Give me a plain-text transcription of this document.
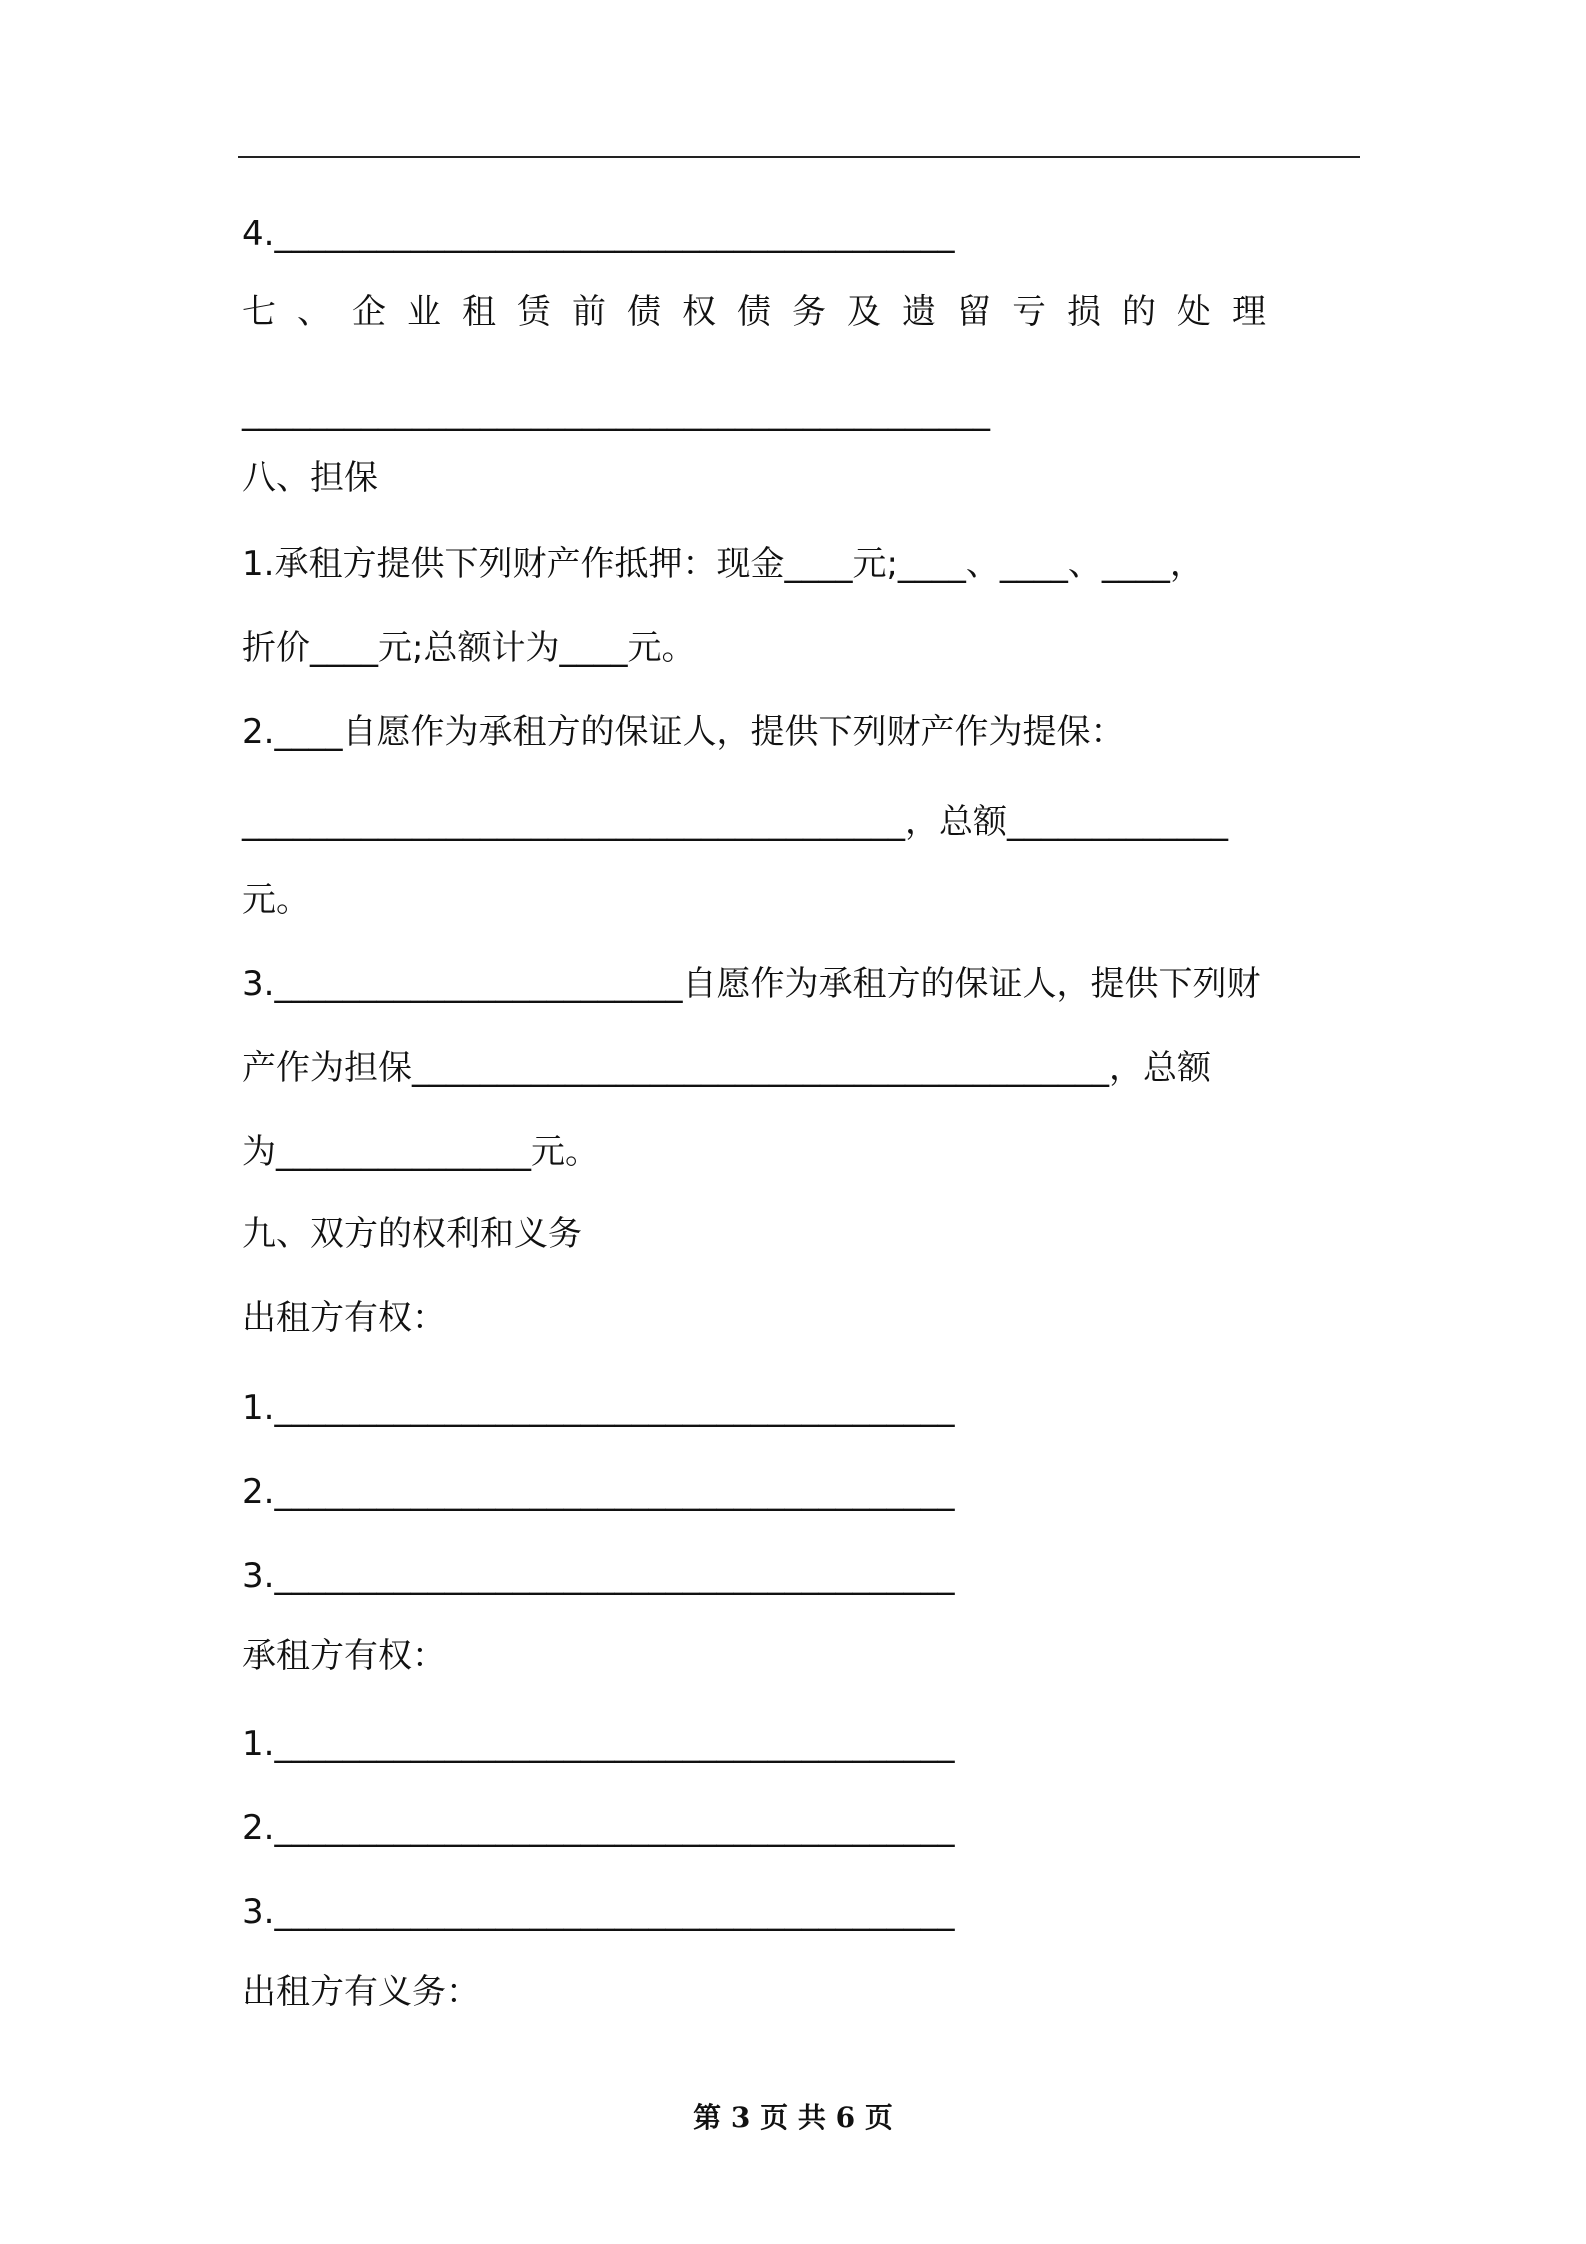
4.________________________________________
七、企业租赁前债权债务及遗留亏损的处理
____________________________________________
八、担保
1.承租方提供下列财产作抵押：现金____元;____、____、____，
折价____元;总额计为____元。
2.____自愿作为承租方的保证人，提供下列财产作为提保：
_______________________________________，总额_____________
元。
3.________________________自愿作为承租方的保证人，提供下列财
产作为担保_________________________________________，总额
为_______________元。
九、双方的权利和义务
出租方有权：
1.________________________________________
2.________________________________________
3.________________________________________
承租方有权：
1.________________________________________
2.________________________________________
3.________________________________________
出租方有义务：
第 3 页 共 6 页
